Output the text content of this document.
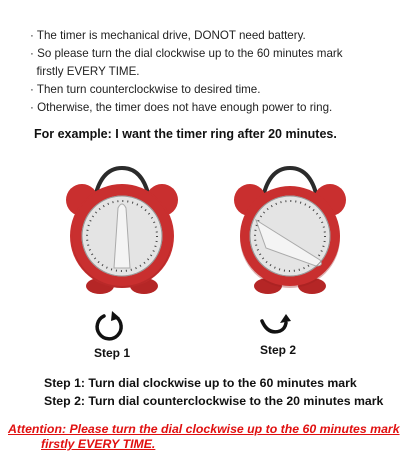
· The timer is mechanical drive, DONOT need battery.
· So please turn the dial clockwise up to the 60 minutes mark
firstly EVERY TIME.
· Then turn counterclockwise to desired time.
· Otherwise, the timer does not have enough power to ring.
For example: I want the timer ring after 20 minutes.
Step 1	Step 2
Step 1: Turn dial clockwise up to the 60 minutes mark
Step 2: Turn dial counterclockwise to the 20 minutes mark
Attention: Please turn the dial clockwise up to the 60 minutes mark
firstly EVERY TIME.
